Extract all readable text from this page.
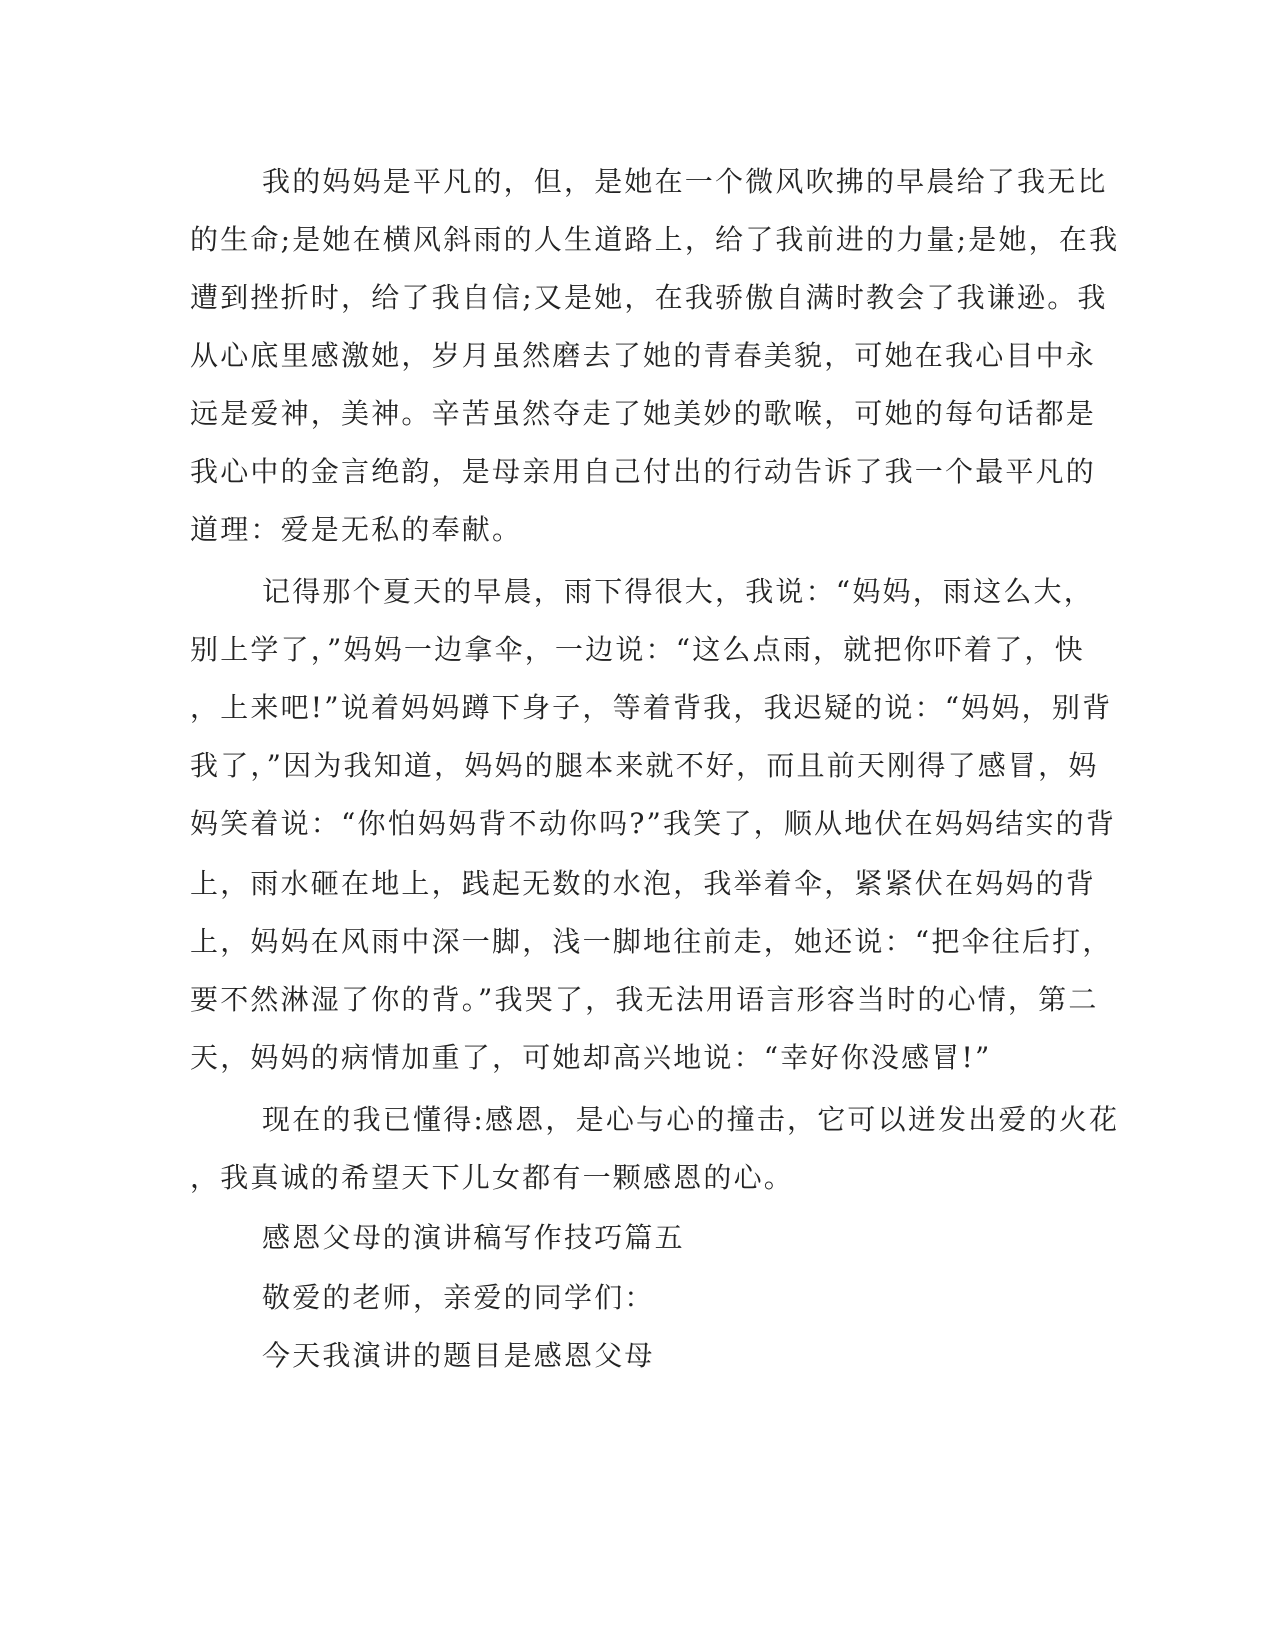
我的妈妈是平凡的，但，是她在一个微风吹拂的早晨给了我无比
的生命;是她在横风斜雨的人生道路上，给了我前进的力量;是她，在我
遭到挫折时，给了我自信;又是她，在我骄傲自满时教会了我谦逊。我
从心底里感激她，岁月虽然磨去了她的青春美貌，可她在我心目中永
远是爱神，美神。辛苦虽然夺走了她美妙的歌喉，可她的每句话都是
我心中的金言绝韵，是母亲用自己付出的行动告诉了我一个最平凡的
道理：爱是无私的奉献。
记得那个夏天的早晨，雨下得很大，我说：“妈妈，雨这么大，
别上学了，”妈妈一边拿伞，一边说：“这么点雨，就把你吓着了，快
，上来吧!”说着妈妈蹲下身子，等着背我，我迟疑的说：“妈妈，别背
我了，”因为我知道，妈妈的腿本来就不好，而且前天刚得了感冒，妈
妈笑着说：“你怕妈妈背不动你吗?”我笑了，顺从地伏在妈妈结实的背
上，雨水砸在地上，践起无数的水泡，我举着伞，紧紧伏在妈妈的背
上，妈妈在风雨中深一脚，浅一脚地往前走，她还说：“把伞往后打，
要不然淋湿了你的背。”我哭了，我无法用语言形容当时的心情，第二
天，妈妈的病情加重了，可她却高兴地说：“幸好你没感冒!”
现在的我已懂得:感恩，是心与心的撞击，它可以迸发出爱的火花
，我真诚的希望天下儿女都有一颗感恩的心。
感恩父母的演讲稿写作技巧篇五
敬爱的老师，亲爱的同学们：
今天我演讲的题目是感恩父母
